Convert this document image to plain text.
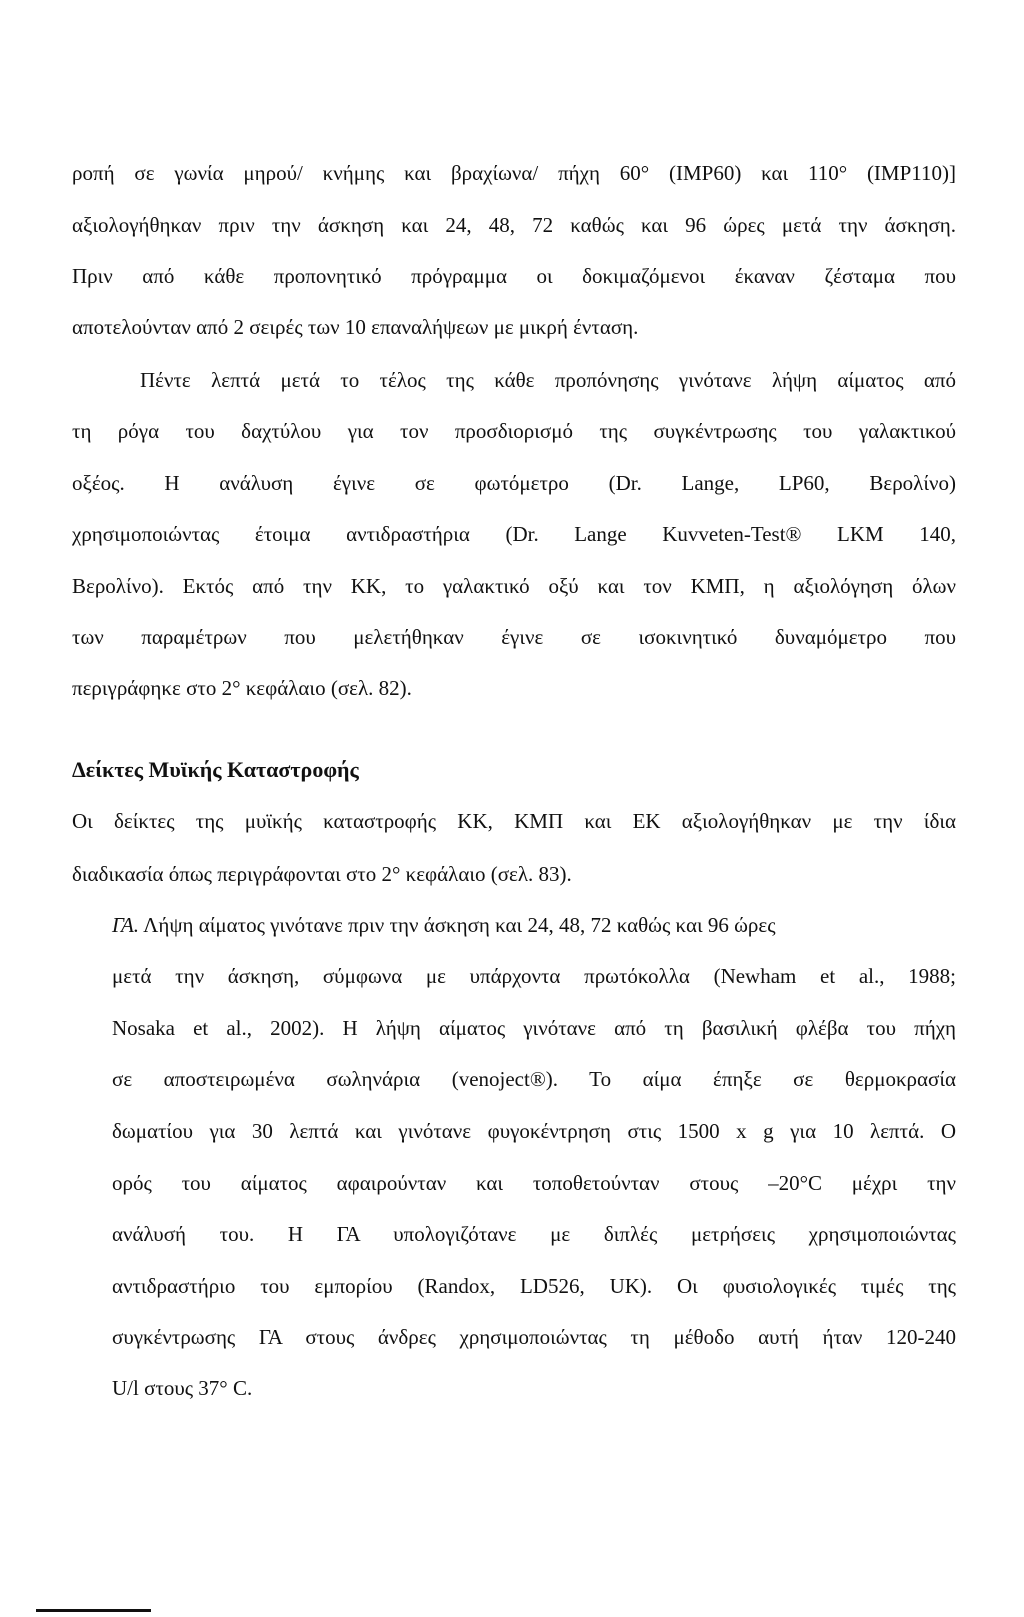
ροπή σε γωνία μηρού/ κνήμης και βραχίωνα/ πήχη 60° (IMP60) και 110° (IMP110)]
αξιολογήθηκαν πριν την άσκηση και 24, 48, 72 καθώς και 96 ώρες μετά την άσκηση.
Πριν από κάθε προπονητικό πρόγραμμα οι δοκιμαζόμενοι έκαναν ζέσταμα που
αποτελούνταν από 2 σειρές των 10 επαναλήψεων με μικρή ένταση.
Πέντε λεπτά μετά το τέλος της κάθε προπόνησης γινότανε λήψη αίματος από
τη ρόγα του δαχτύλου για τον προσδιορισμό της συγκέντρωσης του γαλακτικού
οξέος. Η ανάλυση έγινε σε φωτόμετρο (Dr. Lange, LP60, Βερολίνο)
χρησιμοποιώντας έτοιμα αντιδραστήρια (Dr. Lange Kuvveten-Test® LKM 140,
Βερολίνο). Εκτός από την ΚΚ, το γαλακτικό οξύ και τον ΚΜΠ, η αξιολόγηση όλων
των παραμέτρων που μελετήθηκαν έγινε σε ισοκινητικό δυναμόμετρο που
περιγράφηκε στο 2° κεφάλαιο (σελ. 82).
Δείκτες Μυϊκής Καταστροφής
Οι δείκτες της μυϊκής καταστροφής ΚΚ, ΚΜΠ και ΕΚ αξιολογήθηκαν με την ίδια
διαδικασία όπως περιγράφονται στο 2° κεφάλαιο (σελ. 83).
ΓΑ. Λήψη αίματος γινότανε πριν την άσκηση και 24, 48, 72 καθώς και 96 ώρες
μετά την άσκηση, σύμφωνα με υπάρχοντα πρωτόκολλα (Newham et al., 1988;
Nosaka et al., 2002). Η λήψη αίματος γινότανε από τη βασιλική φλέβα του πήχη
σε αποστειρωμένα σωληνάρια (venoject®). Το αίμα έπηξε σε θερμοκρασία
δωματίου για 30 λεπτά και γινότανε φυγοκέντρηση στις 1500 x g για 10 λεπτά. Ο
ορός του αίματος αφαιρούνταν και τοποθετούνταν στους –20°C μέχρι την
ανάλυσή του. Η ΓΑ υπολογιζότανε με διπλές μετρήσεις χρησιμοποιώντας
αντιδραστήριο του εμπορίου (Randox, LD526, UK). Οι φυσιολογικές τιμές της
συγκέντρωσης ΓΑ στους άνδρες χρησιμοποιώντας τη μέθοδο αυτή ήταν 120-240
U/l στους 37° C.
